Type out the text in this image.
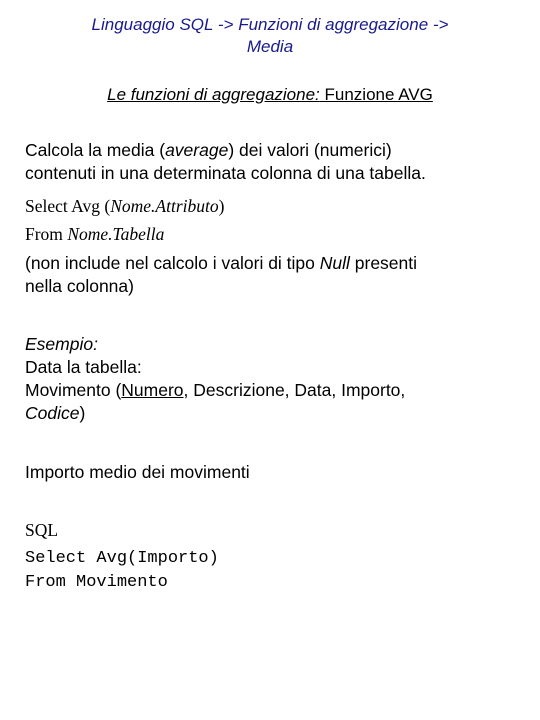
Linguaggio SQL -> Funzioni di aggregazione ->
Media
Le funzioni di aggregazione: Funzione AVG
Calcola la media (average) dei valori (numerici)
contenuti in una determinata colonna di una tabella.
Select Avg (Nome.Attributo)
From Nome.Tabella
(non include nel calcolo i valori di tipo Null presenti
nella colonna)
Esempio:
Data la tabella:
Movimento (Numero, Descrizione, Data, Importo,
Codice)
Importo medio dei movimenti
SQL
Select Avg(Importo)
From Movimento
